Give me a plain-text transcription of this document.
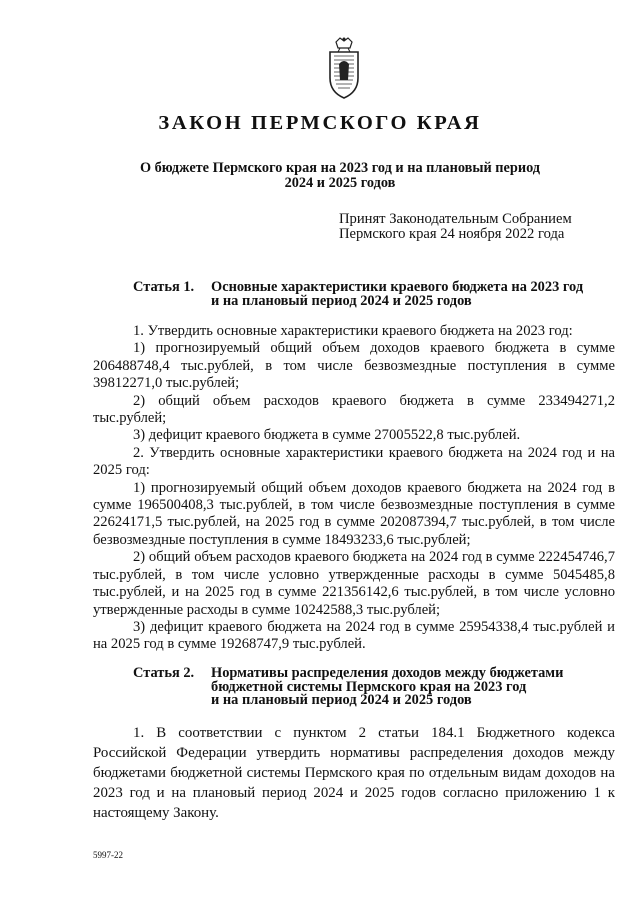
ЗАКОН ПЕРМСКОГО КРАЯ
О бюджете Пермского края на 2023 год и на плановый период
2024 и 2025 годов
Принят Законодательным Собранием
Пермского края 24 ноября 2022 года
Статья 1. Основные характеристики краевого бюджета на 2023 год
и на плановый период 2024 и 2025 годов

1. Утвердить основные характеристики краевого бюджета на 2023 год:

1) прогнозируемый общий объем доходов краевого бюджета в сумме 206488748,4 тыс.рублей, в том числе безвозмездные поступления в сумме 39812271,0 тыс.рублей;

2) общий объем расходов краевого бюджета в сумме 233494271,2 тыс.рублей;

3) дефицит краевого бюджета в сумме 27005522,8 тыс.рублей.

2. Утвердить основные характеристики краевого бюджета на 2024 год и на 2025 год:

1) прогнозируемый общий объем доходов краевого бюджета на 2024 год в сумме 196500408,3 тыс.рублей, в том числе безвозмездные поступления в сумме 22624171,5 тыс.рублей, на 2025 год в сумме 202087394,7 тыс.рублей, в том числе безвозмездные поступления в сумме 18493233,6 тыс.рублей;

2) общий объем расходов краевого бюджета на 2024 год в сумме 222454746,7 тыс.рублей, в том числе условно утвержденные расходы в сумме 5045485,8 тыс.рублей, и на 2025 год в сумме 221356142,6 тыс.рублей, в том числе условно утвержденные расходы в сумме 10242588,3 тыс.рублей;

3) дефицит краевого бюджета на 2024 год в сумме 25954338,4 тыс.рублей и на 2025 год в сумме 19268747,9 тыс.рублей.

Статья 2. Нормативы распределения доходов между бюджетами
бюджетной системы Пермского края на 2023 год
и на плановый период 2024 и 2025 годов

1. В соответствии с пунктом 2 статьи 184.1 Бюджетного кодекса Российской Федерации утвердить нормативы распределения доходов между бюджетами бюджетной системы Пермского края по отдельным видам доходов на 2023 год и на плановый период 2024 и 2025 годов согласно приложению 1 к настоящему Закону.

5997-22
